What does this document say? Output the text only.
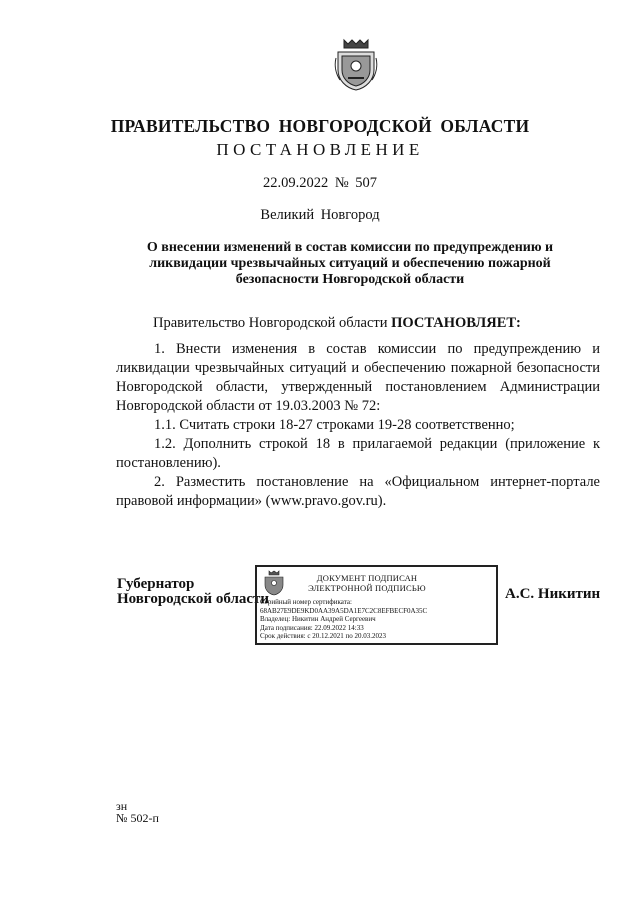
ПРАВИТЕЛЬСТВО НОВГОРОДСКОЙ ОБЛАСТИ
ПОСТАНОВЛЕНИЕ
22.09.2022 № 507
Великий Новгород
О внесении изменений в состав комиссии по предупреждению и ликвидации чрезвычайных ситуаций и обеспечению пожарной безопасности Новгородской области
Правительство Новгородской области ПОСТАНОВЛЯЕТ:

1. Внести изменения в состав комиссии по предупреждению и ликвидации чрезвычайных ситуаций и обеспечению пожарной безопасности Новгородской области, утвержденный постановлением Администрации Новгородской области от 19.03.2003 № 72:

1.1. Считать строки 18-27 строками 19-28 соответственно;

1.2. Дополнить строкой 18 в прилагаемой редакции (приложение к постановлению).

2. Разместить постановление на «Официальном интернет-портале правовой информации» (www.pravo.gov.ru).

Губернатор
Новгородской области
ДОКУМЕНТ ПОДПИСАН
ЭЛЕКТРОННОЙ ПОДПИСЬЮ
Серийный номер сертификата:
68AB27E9DE9KD0AA39A5DA1E7C2C8EFBECF0A35C
Владелец: Никитин Андрей Сергеевич
Дата подписания: 22.09.2022 14:33
Срок действия: с 20.12.2021 по 20.03.2023
А.С. Никитин
зн
№ 502-п
